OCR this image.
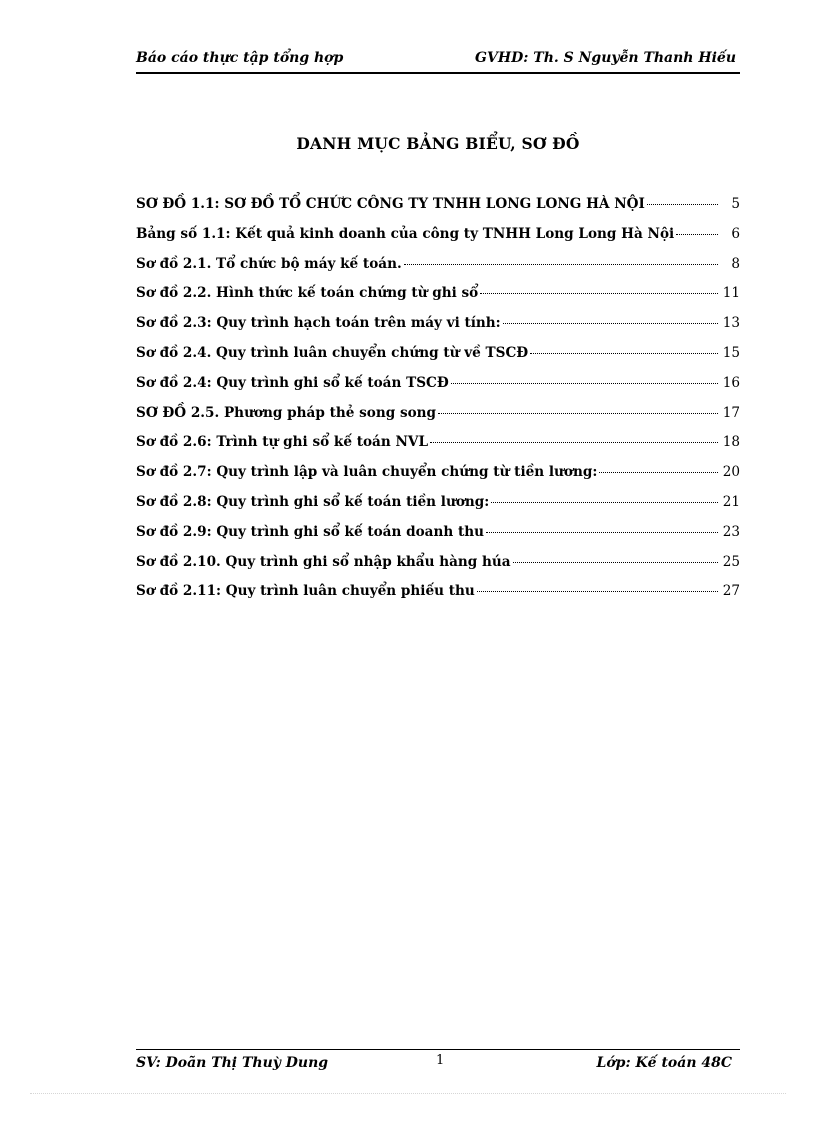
Báo cáo thực tập tổng hợp	GVHD: Th. S Nguyễn Thanh Hiếu
DANH MỤC BẢNG BIỂU, SƠ ĐỒ
SƠ ĐỒ 1.1: SƠ ĐỒ TỔ CHỨC CÔNG TY TNHH LONG LONG HÀ NỘI	5
Bảng số 1.1: Kết quả kinh doanh của công ty TNHH Long Long Hà Nội	6
Sơ đồ 2.1. Tổ chức bộ máy kế toán.	8
Sơ đồ 2.2. Hình thức kế toán chứng từ ghi sổ	11
Sơ đồ 2.3: Quy trình hạch toán trên máy vi tính:	13
Sơ đồ 2.4. Quy trình luân chuyển chứng từ về TSCĐ	15
Sơ đồ 2.4: Quy trình ghi sổ kế toán TSCĐ	16
SƠ ĐỒ 2.5. Phương pháp thẻ song song	17
Sơ đồ 2.6: Trình tự ghi sổ kế toán NVL	18
Sơ đồ 2.7: Quy trình lập và luân chuyển chứng từ tiền lương:	20
Sơ đồ 2.8: Quy trình ghi sổ kế toán tiền lương:	21
Sơ đồ 2.9: Quy trình ghi sổ kế toán doanh thu	23
Sơ đồ 2.10. Quy trình ghi sổ nhập khẩu hàng húa	25
Sơ đồ 2.11: Quy trình luân chuyển phiếu thu	27
SV: Doãn Thị Thuỳ Dung	1	Lớp: Kế toán 48C
